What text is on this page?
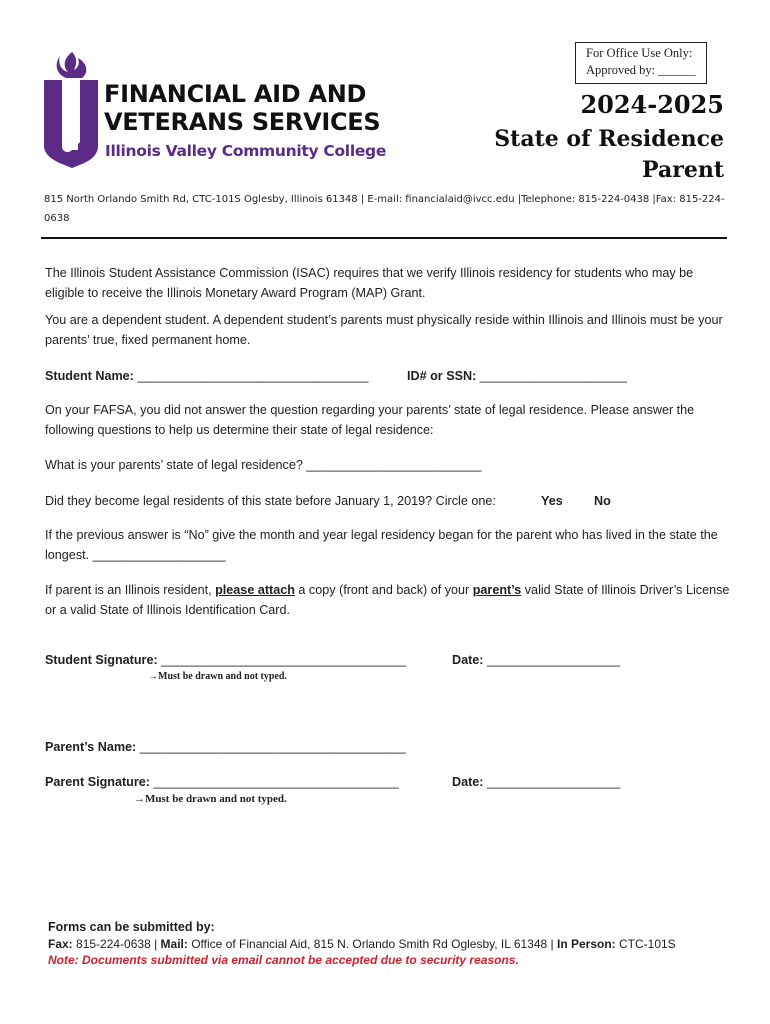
FINANCIAL AID AND
VETERANS SERVICES
Illinois Valley Community College
For Office Use Only:
Approved by: ______
2024-2025
State of Residence
Parent
815 North Orlando Smith Rd, CTC-101S Oglesby, Illinois 61348 | E-mail: financialaid@ivcc.edu |Telephone: 815-224-0438 |Fax: 815-224-0638
The Illinois Student Assistance Commission (ISAC) requires that we verify Illinois residency for students who may be eligible to receive the Illinois Monetary Award Program (MAP) Grant.
You are a dependent student. A dependent student’s parents must physically reside within Illinois and Illinois must be your parents’ true, fixed permanent home.
Student Name: _________________________________	ID# or SSN: _____________________
On your FAFSA, you did not answer the question regarding your parents’ state of legal residence. Please answer the following questions to help us determine their state of legal residence:
What is your parents’ state of legal residence? _________________________
Did they become legal residents of this state before January 1, 2019? Circle one:	Yes	No
If the previous answer is “No” give the month and year legal residency began for the parent who has lived in the state the longest. ___________________
If parent is an Illinois resident, please attach a copy (front and back) of your parent’s valid State of Illinois Driver’s License or a valid State of Illinois Identification Card.
Student Signature: ___________________________________	Date: ___________________
→Must be drawn and not typed.
Parent’s Name: ______________________________________
Parent Signature: ___________________________________	Date: ___________________
→Must be drawn and not typed.
Forms can be submitted by:
Fax: 815-224-0638 | Mail: Office of Financial Aid, 815 N. Orlando Smith Rd Oglesby, IL 61348 | In Person: CTC-101S
Note: Documents submitted via email cannot be accepted due to security reasons.
